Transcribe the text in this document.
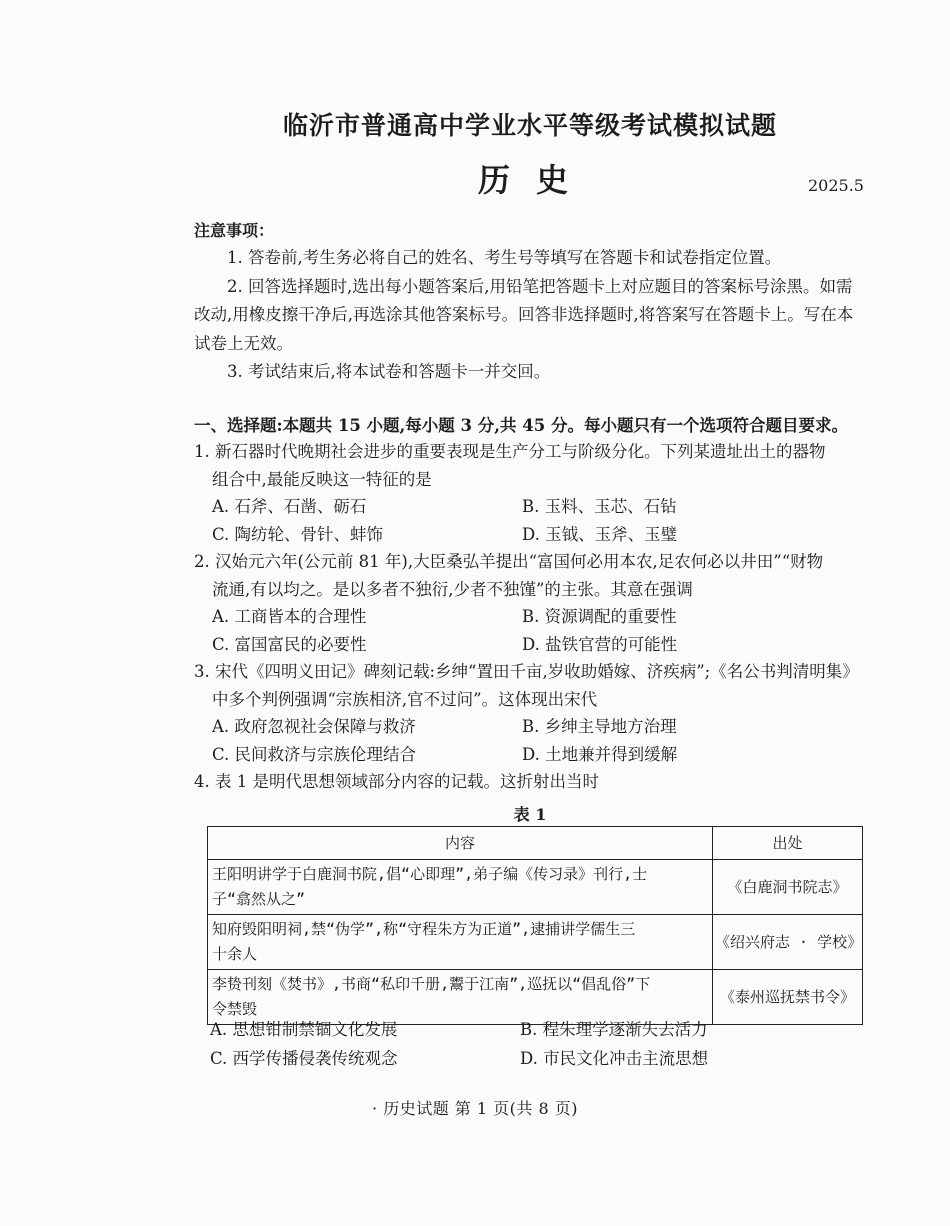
临沂市普通高中学业水平等级考试模拟试题
历史	2025.5
注意事项：

1. 答卷前,考生务必将自己的姓名、考生号等填写在答题卡和试卷指定位置。

2. 回答选择题时,选出每小题答案后,用铅笔把答题卡上对应题目的答案标号涂黑。如需改动,用橡皮擦干净后,再选涂其他答案标号。回答非选择题时,将答案写在答题卡上。写在本试卷上无效。

3. 考试结束后,将本试卷和答题卡一并交回。

一、选择题:本题共 15 小题,每小题 3 分,共 45 分。每小题只有一个选项符合题目要求。

1. 新石器时代晚期社会进步的重要表现是生产分工与阶级分化。下列某遗址出土的器物

组合中,最能反映这一特征的是

A. 石斧、石凿、砺石	B. 玉料、玉芯、石钻

C. 陶纺轮、骨针、蚌饰	D. 玉钺、玉斧、玉璧

2. 汉始元六年(公元前 81 年),大臣桑弘羊提出“富国何必用本农,足农何必以井田”“财物

流通,有以均之。是以多者不独衍,少者不独馑”的主张。其意在强调

A. 工商皆本的合理性	B. 资源调配的重要性

C. 富国富民的必要性	D. 盐铁官营的可能性

3. 宋代《四明义田记》碑刻记载:乡绅“置田千亩,岁收助婚嫁、济疾病”;《名公书判清明集》

中多个判例强调“宗族相济,官不过问”。这体现出宋代

A. 政府忽视社会保障与救济	B. 乡绅主导地方治理

C. 民间救济与宗族伦理结合	D. 土地兼并得到缓解

4. 表 1 是明代思想领域部分内容的记载。这折射出当时

表 1
内容	出处

王阳明讲学于白鹿洞书院,倡“心即理”,弟子编《传习录》刊行,士
子“翕然从之”	《白鹿洞书院志》

知府毁阳明祠,禁“伪学”,称“守程朱方为正道”,逮捕讲学儒生三
十余人	《绍兴府志 · 学校》

李贽刊刻《焚书》,书商“私印千册,鬻于江南”,巡抚以“倡乱俗”下
令禁毁	《泰州巡抚禁书令》

A. 思想钳制禁锢文化发展	B. 程朱理学逐渐失去活力

C. 西学传播侵袭传统观念	D. 市民文化冲击主流思想

· 历史试题 第 1 页(共 8 页)
